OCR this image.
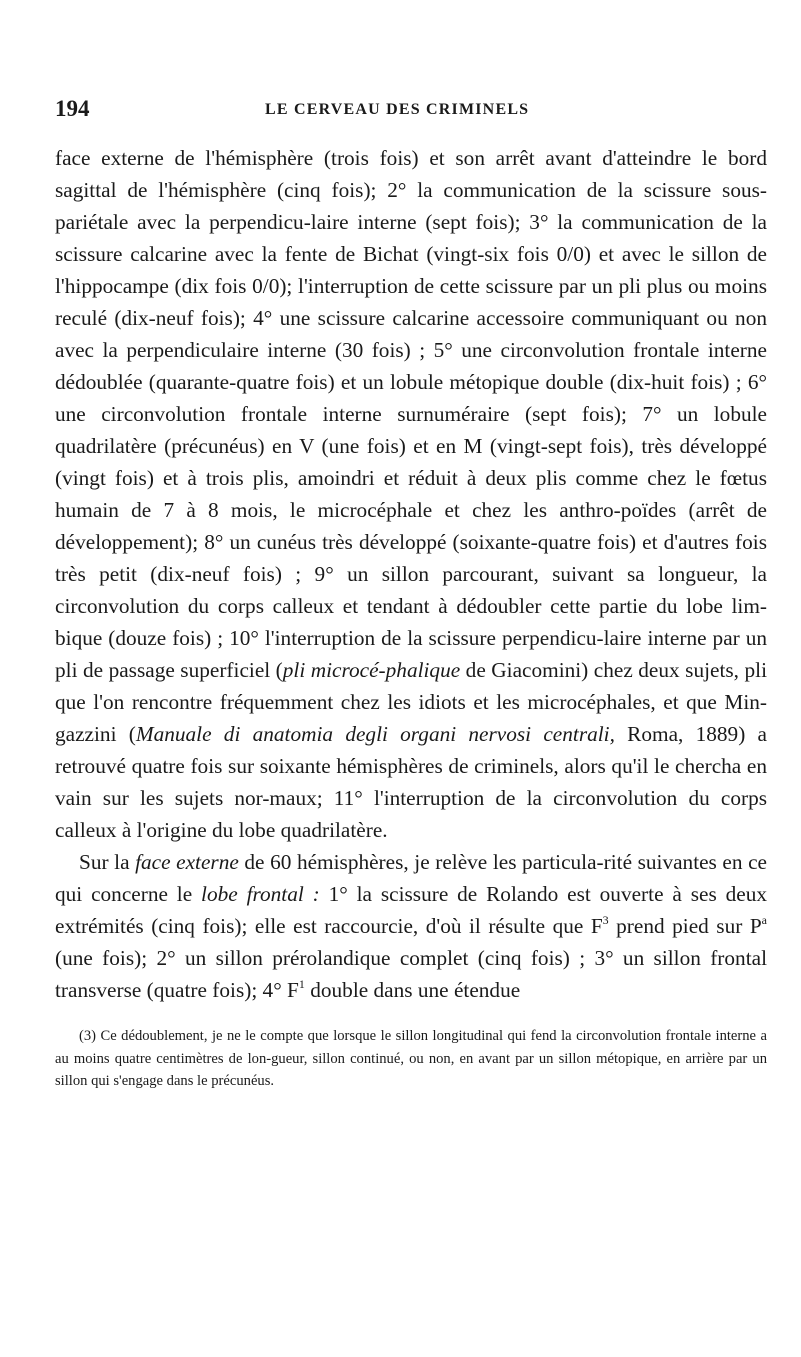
194	LE CERVEAU DES CRIMINELS

face externe de l'hémisphère (trois fois) et son arrêt avant d'atteindre le bord sagittal de l'hémisphère (cinq fois); 2° la communication de la scissure sous-pariétale avec la perpendicu-laire interne (sept fois); 3° la communication de la scissure calcarine avec la fente de Bichat (vingt-six fois 0/0) et avec le sillon de l'hippocampe (dix fois 0/0); l'interruption de cette scissure par un pli plus ou moins reculé (dix-neuf fois); 4° une scissure calcarine accessoire communiquant ou non avec la perpendiculaire interne (30 fois) ; 5° une circonvolution frontale interne dédoublée (quarante-quatre fois) et un lobule métopique double (dix-huit fois) ; 6° une circonvolution frontale interne surnuméraire (sept fois); 7° un lobule quadrilatère (précunéus) en V (une fois) et en M (vingt-sept fois), très développé (vingt fois) et à trois plis, amoindri et réduit à deux plis comme chez le fœtus humain de 7 à 8 mois, le microcéphale et chez les anthro-poïdes (arrêt de développement); 8° un cunéus très développé (soixante-quatre fois) et d'autres fois très petit (dix-neuf fois) ; 9° un sillon parcourant, suivant sa longueur, la circonvolution du corps calleux et tendant à dédoubler cette partie du lobe lim-bique (douze fois) ; 10° l'interruption de la scissure perpendicu-laire interne par un pli de passage superficiel (pli microcé-phalique de Giacomini) chez deux sujets, pli que l'on rencontre fréquemment chez les idiots et les microcéphales, et que Min-gazzini (Manuale di anatomia degli organi nervosi centrali, Roma, 1889) a retrouvé quatre fois sur soixante hémisphères de criminels, alors qu'il le chercha en vain sur les sujets nor-maux; 11° l'interruption de la circonvolution du corps calleux à l'origine du lobe quadrilatère.

Sur la face externe de 60 hémisphères, je relève les particula-rité suivantes en ce qui concerne le lobe frontal : 1° la scissure de Rolando est ouverte à ses deux extrémités (cinq fois); elle est raccourcie, d'où il résulte que $F^3$ prend pied sur $P^a$ (une fois); 2° un sillon prérolandique complet (cinq fois) ; 3° un sillon frontal transverse (quatre fois); 4° $F^1$ double dans une étendue

(3) Ce dédoublement, je ne le compte que lorsque le sillon longitudinal qui fend la circonvolution frontale interne a au moins quatre centimètres de lon-gueur, sillon continué, ou non, en avant par un sillon métopique, en arrière par un sillon qui s'engage dans le précunéus.
